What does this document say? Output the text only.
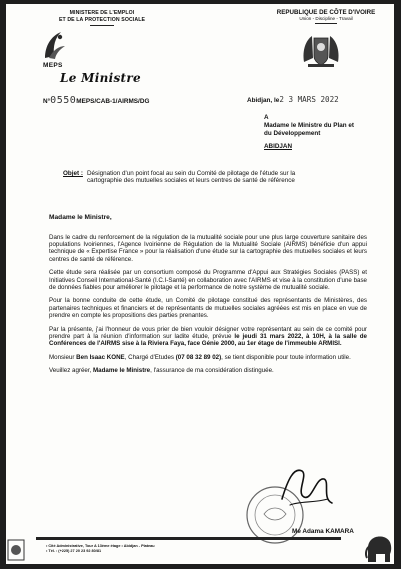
MINISTERE DE L'EMPLOI
ET DE LA PROTECTION SOCIALE
MEPS
REPUBLIQUE DE CÔTE D'IVOIRE
Union - Discipline - Travail
Le Ministre
N°0550MEPS/CAB-1/AIRMS/DG	Abidjan, le2 3 MARS 2022
A
Madame le Ministre du Plan et
du Développement
ABIDJAN
Objet : Désignation d'un point focal au sein du Comité de pilotage de l'étude sur la cartographie des mutuelles sociales et leurs centres de santé de référence
Madame le Ministre,

Dans le cadre du renforcement de la régulation de la mutualité sociale pour une plus large couverture sanitaire des populations Ivoiriennes, l'Agence Ivoirienne de Régulation de la Mutualité Sociale (AIRMS) bénéficie d'un appui technique de « Expertise France » pour la réalisation d'une étude sur la cartographie des mutuelles sociales et leurs centres de santé de référence.

Cette étude sera réalisée par un consortium composé du Programme d'Appui aux Stratégies Sociales (PASS) et Initiatives Conseil International-Santé (I.C.I-Santé) en collaboration avec l'AIRMS et vise à la constitution d'une base de données fiables pour améliorer le pilotage et la performance de notre système de mutualité sociale.

Pour la bonne conduite de cette étude, un Comité de pilotage constitué des représentants de Ministères, des partenaires techniques et financiers et de représentants de mutuelles sociales agréées est mis en place en vue de prendre en compte les propositions des parties prenantes.

Par la présente, j'ai l'honneur de vous prier de bien vouloir désigner votre représentant au sein de ce comité pour prendre part à la réunion d'information sur ladite étude, prévue le jeudi 31 mars 2022, à 10H, à la salle de Conférences de l'AIRMS sise à la Riviera Faya, face Génie 2000, au 1er étage de l'immeuble ARMISI.

Monsieur Ben Isaac KONE, Chargé d'Etudes (07 08 32 89 02), se tient disponible pour toute information utile.

Veuillez agréer, Madame le Ministre, l'assurance de ma considération distinguée.

Me Adama KAMARA
• Cité Administrative, Tour A 13ème étage • Abidjan - Plateau
• Tél. : (+225) 27 20 23 92 80/81
